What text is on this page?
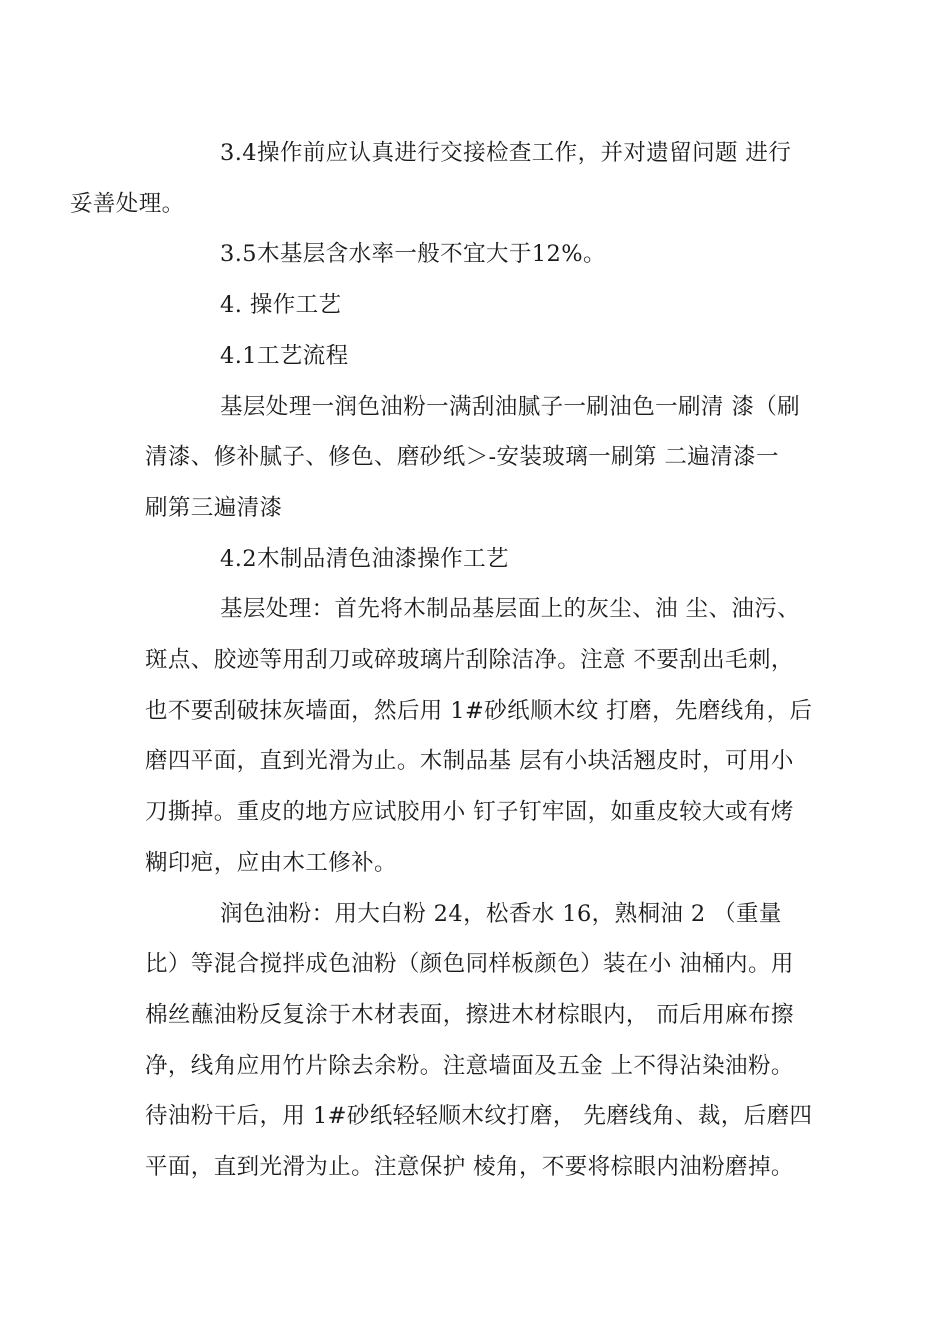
3.4操作前应认真进行交接检查工作，并对遗留问题 进行
妥善处理。

3.5木基层含水率一般不宜大于12%。

4. 操作工艺

4.1工艺流程

基层处理一润色油粉一满刮油腻子一刷油色一刷清 漆（刷
清漆、修补腻子、修色、磨砂纸＞-安装玻璃一刷第 二遍清漆一
刷第三遍清漆

4.2木制品清色油漆操作工艺

基层处理：首先将木制品基层面上的灰尘、油 尘、油污、
斑点、胶迹等用刮刀或碎玻璃片刮除洁净。注意 不要刮出毛刺，
也不要刮破抹灰墙面，然后用 1#砂纸顺木纹 打磨，先磨线角，后
磨四平面，直到光滑为止。木制品基 层有小块活翘皮时，可用小
刀撕掉。重皮的地方应试胶用小 钉子钉牢固，如重皮较大或有烤
糊印疤，应由木工修补。

润色油粉：用大白粉 24，松香水 16，熟桐油 2 （重量
比）等混合搅拌成色油粉（颜色同样板颜色）装在小 油桶内。用
棉丝蘸油粉反复涂于木材表面，擦进木材棕眼内， 而后用麻布擦
净，线角应用竹片除去余粉。注意墙面及五金 上不得沾染油粉。
待油粉干后，用 1#砂纸轻轻顺木纹打磨， 先磨线角、裁，后磨四
平面，直到光滑为止。注意保护 棱角，不要将棕眼内油粉磨掉。
